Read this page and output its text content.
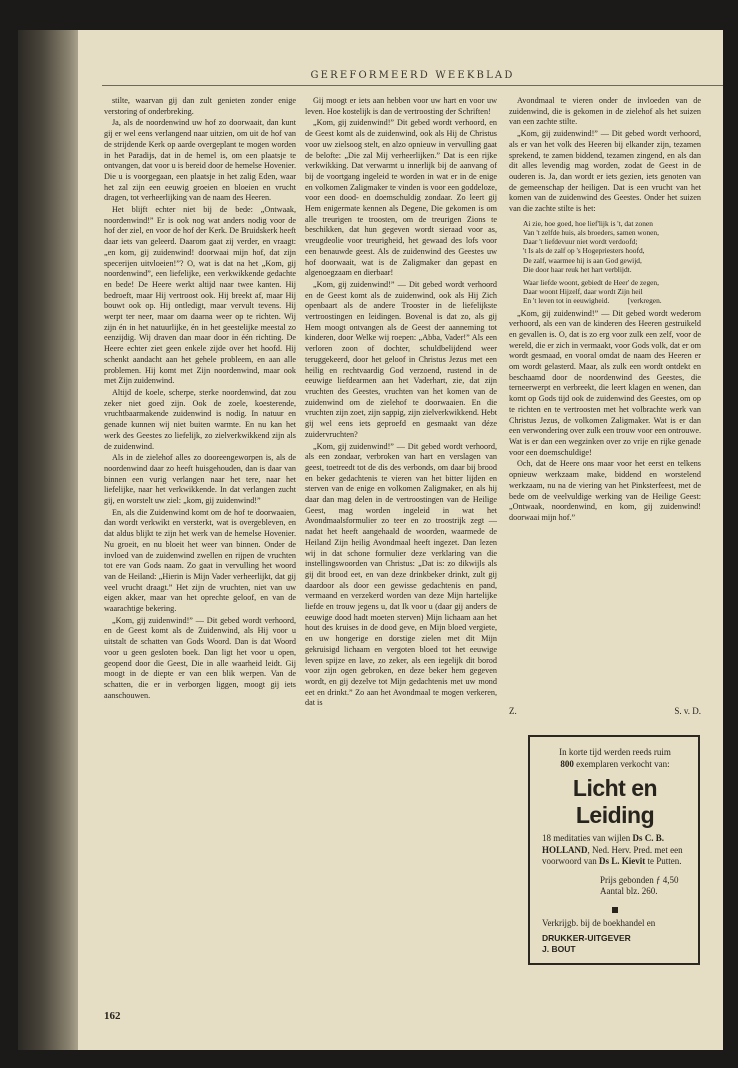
GEREFORMEERD WEEKBLAD

stilte, waarvan gij dan zult genieten zonder enige verstoring of onderbreking.

Ja, als de noordenwind uw hof zo doorwaait, dan kunt gij er wel eens verlangend naar uitzien, om uit de hof van de strijdende Kerk op aarde overgeplant te mogen worden in het Paradijs, dat in de hemel is, om een plaatsje te ontvangen, dat voor u is bereid door de hemelse Hovenier. Die u is voorgegaan, een plaatsje in het zalig Eden, waar het zal zijn een eeuwig groeien en bloeien en vrucht dragen, tot verheerlijking van de naam des Heeren.

Het blijft echter niet bij de bede: „Ontwaak, noordenwind!” Er is ook nog wat anders nodig voor de hof der ziel, en voor de hof der Kerk. De Bruidskerk heeft daar iets van geleerd. Daarom gaat zij verder, en vraagt: „en kom, gij zuidenwind! doorwaai mijn hof, dat zijn specerijen uitvloeien!”? O, wat is dat na het „Kom, gij noordenwind”, een liefelijke, een verkwikkende gedachte en bede! De Heere werkt altijd naar twee kanten. Hij bedroeft, maar Hij vertroost ook. Hij breekt af, maar Hij bouwt ook op. Hij ontledigt, maar vervult tevens. Hij werpt ter neer, maar om daarna weer op te richten. Wij zijn én in het natuurlijke, én in het geestelijke meestal zo eenzijdig. Wij draven dan maar door in één richting. De Heere echter ziet geen enkele zijde over het hoofd. Hij schenkt aandacht aan het gehele probleem, en aan alle problemen. Hij komt met Zijn noordenwind, maar ook met Zijn zuidenwind.

Altijd de koele, scherpe, sterke noordenwind, dat zou zeker niet goed zijn. Ook de zoele, koesterende, vruchtbaarmakende zuidenwind is nodig. In natuur en genade kunnen wij niet buiten warmte. En nu kan het werk des Geestes zo liefelijk, zo zielverkwikkend zijn als de zuidenwind.

Als in de zielehof alles zo dooreengeworpen is, als de noordenwind daar zo heeft huisgehouden, dan is daar van binnen een vurig verlangen naar het tere, naar het liefelijke, naar het verkwikkende. In dat verlangen zucht gij, en worstelt uw ziel: „kom, gij zuidenwind!”

En, als die Zuidenwind komt om de hof te doorwaaien, dan wordt verkwikt en versterkt, wat is overgebleven, en dat aldus blijkt te zijn het werk van de hemelse Hovenier. Nu groeit, en nu bloeit het weer van binnen. Onder de invloed van de zuidenwind zwellen en rijpen de vruchten tot ere van Gods naam. Zo gaat in vervulling het woord van de Heiland: „Hierin is Mijn Vader verheerlijkt, dat gij veel vrucht draagt.” Het zijn de vruchten, niet van uw eigen akker, maar van het oprechte geloof, en van de waarachtige bekering.

„Kom, gij zuidenwind!” — Dit gebed wordt verhoord, en de Geest komt als de Zuidenwind, als Hij voor u uitstalt de schatten van Gods Woord. Dan is dat Woord voor u geen gesloten boek. Dan ligt het voor u open, geopend door die Geest, Die in alle waarheid leidt. Gij moogt in de diepte er van een blik werpen. Van de schatten, die er in verborgen liggen, moogt gij iets aanschouwen.

Gij moogt er iets aan hebben voor uw hart en voor uw leven. Hoe kostelijk is dan de vertroosting der Schriften!

„Kom, gij zuidenwind!” Dit gebed wordt verhoord, en de Geest komt als de zuidenwind, ook als Hij de Christus voor uw zielsoog stelt, en alzo opnieuw in vervulling gaat de belofte: „Die zal Mij verheerlijken.” Dat is een rijke verkwikking. Dat verwarmt u innerlijk bij de aanvang of bij de voortgang ingeleid te worden in wat er in de enige en volkomen Zaligmaker te vinden is voor een goddeloze, voor een dood- en doemschuldig zondaar. Zo leert gij Hem enigermate kennen als Degene, Die gekomen is om alle treurigen te troosten, om de treurigen Zions te beschikken, dat hun gegeven wordt sieraad voor as, vreugdeolie voor treurigheid, het gewaad des lofs voor een benauwde geest. Als de zuidenwind des Geestes uw hof doorwaait, wat is de Zaligmaker dan gepast en algenoegzaam en dierbaar!

„Kom, gij zuidenwind!” — Dit gebed wordt verhoord en de Geest komt als de zuidenwind, ook als Hij Zich openbaart als de andere Trooster in de liefelijkste vertroostingen en leidingen. Bovenal is dat zo, als gij Hem moogt ontvangen als de Geest der aanneming tot kinderen, door Welke wij roepen: „Abba, Vader!” Als een verloren zoon of dochter, schuldbelijdend weer teruggekeerd, door het geloof in Christus Jezus met een heilig en rechtvaardig God verzoend, rustend in de eeuwige liefdearmen aan het Vaderhart, zie, dat zijn vruchten des Geestes, vruchten van het komen van de zuidenwind om de zielehof te doorwaaien. En die vruchten zijn zoet, zijn sappig, zijn zielverkwikkend. Hebt gij wel eens iets geproefd en gesmaakt van déze zuidervruchten?

„Kom, gij zuidenwind!” — Dit gebed wordt verhoord, als een zondaar, verbroken van hart en verslagen van geest, toetreedt tot de dis des verbonds, om daar bij brood en beker gedachtenis te vieren van het bitter lijden en sterven van de enige en volkomen Zaligmaker, en als hij daar dan mag delen in de vertroostingen van de Heilige Geest, mag worden ingeleid in wat het Avondmaalsformulier zo teer en zo troostrijk zegt — nadat het heeft aangehaald de woorden, waarmede de Heiland Zijn heilig Avondmaal heeft ingezet. Dan lezen wij in dat schone formulier deze verklaring van die instellingswoorden van Christus: „Dat is: zo dikwijls als gij dit brood eet, en van deze drinkbeker drinkt, zult gij daardoor als door een gewisse gedachtenis en pand, vermaand en verzekerd worden van deze Mijn hartelijke liefde en trouw jegens u, dat Ik voor u (daar gij anders de eeuwige dood hadt moeten sterven) Mijn lichaam aan het hout des kruises in de dood geve, en Mijn bloed vergiete, en uw hongerige en dorstige zielen met dit Mijn gekruisigd lichaam en vergoten bloed tot het eeuwige leven spijze en lave, zo zeker, als een iegelijk dit borod voor zijn ogen gebroken, en deze beker hem gegeven wordt, en gij dezelve tot Mijn gedachtenis met uw mond eet en drinkt.” Zo aan het Avondmaal te mogen verkeren, dat is

Avondmaal te vieren onder de invloeden van de zuidenwind, die is gekomen in de zielehof als het suizen van een zachte stilte.

„Kom, gij zuidenwind!” — Dit gebed wordt verhoord, als er van het volk des Heeren bij elkander zijn, tezamen sprekend, te zamen biddend, tezamen zingend, en als dan dit alles levendig mag worden, zodat de Geest in de ouderen is. Ja, dan wordt er iets gezien, iets genoten van de gemeenschap der heiligen. Dat is een vrucht van het komen van de zuidenwind des Geestes. Onder het suizen van die zachte stilte is het:

Ai zie, hoe goed, hoe lief'lijk is 't, dat zonen
Van 't zelfde huis, als broeders, samen wonen,
Daar 't liefdevuur niet wordt verdoofd;
't Is als de zalf op 's Hogepriesters hoofd,
De zalf, waarmee hij is aan God gewijd,
Die door haar reuk het hart verblijdt.
Waar liefde woont, gebiedt de Heer' de zegen,
Daar woont Hijzelf, daar wordt Zijn heil
En 't leven tot in eeuwigheid.          [verkregen.

„Kom, gij zuidenwind!” — Dit gebed wordt wederom verhoord, als een van de kinderen des Heeren gestruikeld en gevallen is. O, dat is zo erg voor zulk een zelf, voor de wereld, die er zich in vermaakt, voor Gods volk, dat er om wordt gesmaad, en vooral omdat de naam des Heeren er om wordt gelasterd. Maar, als zulk een wordt ontdekt en beschaamd door de noordenwind des Geestes, die terneerwerpt en verbreekt, die leert klagen en wenen, dan komt op Gods tijd ook de zuidenwind des Geestes, om op te richten en te vertroosten met het volbrachte werk van Christus Jezus, de volkomen Zaligmaker. Wat is er dan een verwondering over zulk een trouw voor een ontrouwe. Wat is er dan een wegzinken over zo vrije en rijke genade voor een doemschuldige!

Och, dat de Heere ons maar voor het eerst en telkens opnieuw werkzaam make, biddend en worstelend werkzaam, nu na de viering van het Pinksterfeest, met de bede om de veelvuldige werking van de Heilige Geest: „Ontwaak, noordenwind, en kom, gij zuidenwind! doorwaai mijn hof.”

Z.	S. v. D.
In korte tijd werden reeds ruim
800 exemplaren verkocht van:
Licht en Leiding
18 meditaties van wijlen Ds C. B. HOLLAND, Ned. Herv. Pred. met een voorwoord van Ds L. Kievit te Putten.
Prijs gebonden ƒ 4,50
Aantal blz. 260.
Verkrijgb. bij de boekhandel en
DRUKKER-UITGEVER
J. BOUT
162
